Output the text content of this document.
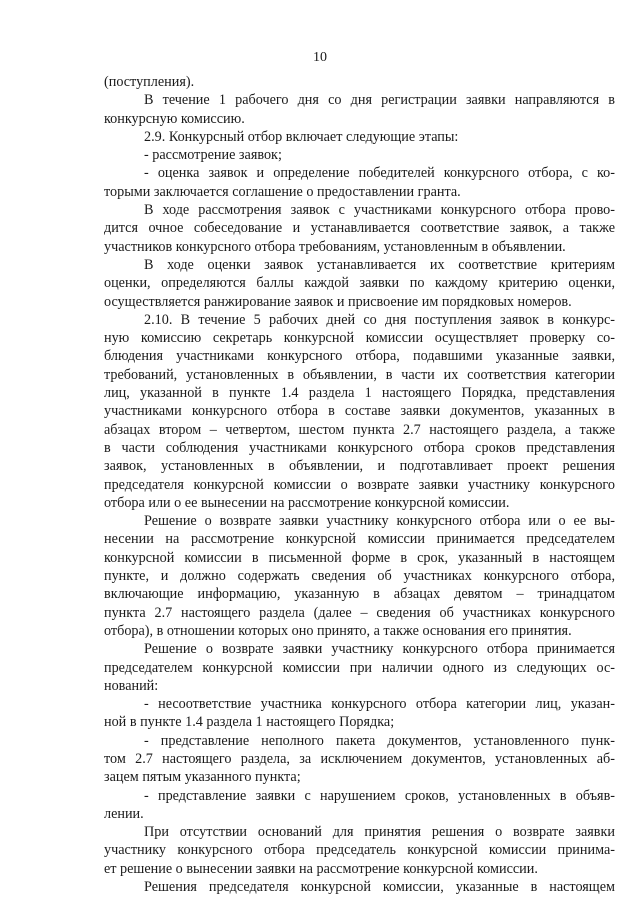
10
(поступления).
В течение 1 рабочего дня со дня регистрации заявки направляются в
конкурсную комиссию.
2.9. Конкурсный отбор включает следующие этапы:
- рассмотрение заявок;
- оценка заявок и определение победителей конкурсного отбора, с ко-
торыми заключается соглашение о предоставлении гранта.
В ходе рассмотрения заявок с участниками конкурсного отбора прово-
дится очное собеседование и устанавливается соответствие заявок, а также
участников конкурсного отбора требованиям, установленным в объявлении.
В ходе оценки заявок устанавливается их соответствие критериям
оценки, определяются баллы каждой заявки по каждому критерию оценки,
осуществляется ранжирование заявок и присвоение им порядковых номеров.
2.10. В течение 5 рабочих дней со дня поступления заявок в конкурс-
ную комиссию секретарь конкурсной комиссии осуществляет проверку со-
блюдения участниками конкурсного отбора, подавшими указанные заявки,
требований, установленных в объявлении, в части их соответствия категории
лиц, указанной в пункте 1.4 раздела 1 настоящего Порядка, представления
участниками конкурсного отбора в составе заявки документов, указанных в
абзацах втором – четвертом, шестом пункта 2.7 настоящего раздела, а также
в части соблюдения участниками конкурсного отбора сроков представления
заявок, установленных в объявлении, и подготавливает проект решения
председателя конкурсной комиссии о возврате заявки участнику конкурсного
отбора или о ее вынесении на рассмотрение конкурсной комиссии.
Решение о возврате заявки участнику конкурсного отбора или о ее вы-
несении на рассмотрение конкурсной комиссии принимается председателем
конкурсной комиссии в письменной форме в срок, указанный в настоящем
пункте, и должно содержать сведения об участниках конкурсного отбора,
включающие информацию, указанную в абзацах девятом – тринадцатом
пункта 2.7 настоящего раздела (далее – сведения об участниках конкурсного
отбора), в отношении которых оно принято, а также основания его принятия.
Решение о возврате заявки участнику конкурсного отбора принимается
председателем конкурсной комиссии при наличии одного из следующих ос-
нований:
- несоответствие участника конкурсного отбора категории лиц, указан-
ной в пункте 1.4 раздела 1 настоящего Порядка;
- представление неполного пакета документов, установленного пунк-
том 2.7 настоящего раздела, за исключением документов, установленных аб-
зацем пятым указанного пункта;
- представление заявки с нарушением сроков, установленных в объяв-
лении.
При отсутствии оснований для принятия решения о возврате заявки
участнику конкурсного отбора председатель конкурсной комиссии принима-
ет решение о вынесении заявки на рассмотрение конкурсной комиссии.
Решения председателя конкурсной комиссии, указанные в настоящем
